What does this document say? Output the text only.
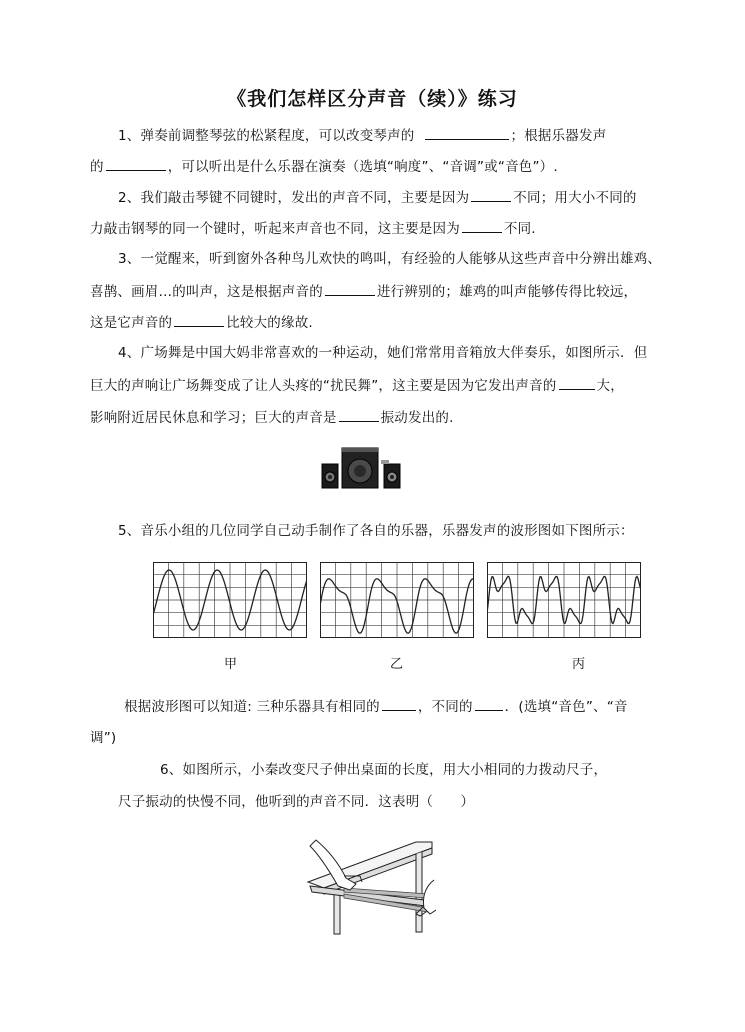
《我们怎样区分声音（续）》练习
1、弹奏前调整琴弦的松紧程度，可以改变琴声的	；根据乐器发声
的	，可以听出是什么乐器在演奏（选填“响度”、“音调”或“音色”）.
2、我们敲击琴键不同键时，发出的声音不同，主要是因为	不同；用大小不同的
力敲击钢琴的同一个键时，听起来声音也不同，这主要是因为	不同.
3、一觉醒来，听到窗外各种鸟儿欢快的鸣叫，有经验的人能够从这些声音中分辨出雄鸡、
喜鹊、画眉…的叫声，这是根据声音的	进行辨别的；雄鸡的叫声能够传得比较远，
这是它声音的	比较大的缘故.
4、广场舞是中国大妈非常喜欢的一种运动，她们常常用音箱放大伴奏乐，如图所示．但
巨大的声响让广场舞变成了让人头疼的“扰民舞”，这主要是因为它发出声音的	大，
影响附近居民休息和学习；巨大的声音是	振动发出的.
5、音乐小组的几位同学自己动手制作了各自的乐器，乐器发声的波形图如下图所示：
甲	乙	丙
根据波形图可以知道: 三种乐器具有相同的	，不同的 ．(选填“音色”、“音
调”)
6、如图所示，小秦改变尺子伸出桌面的长度，用大小相同的力拨动尺子，
尺子振动的快慢不同，他听到的声音不同．这表明（　　）
